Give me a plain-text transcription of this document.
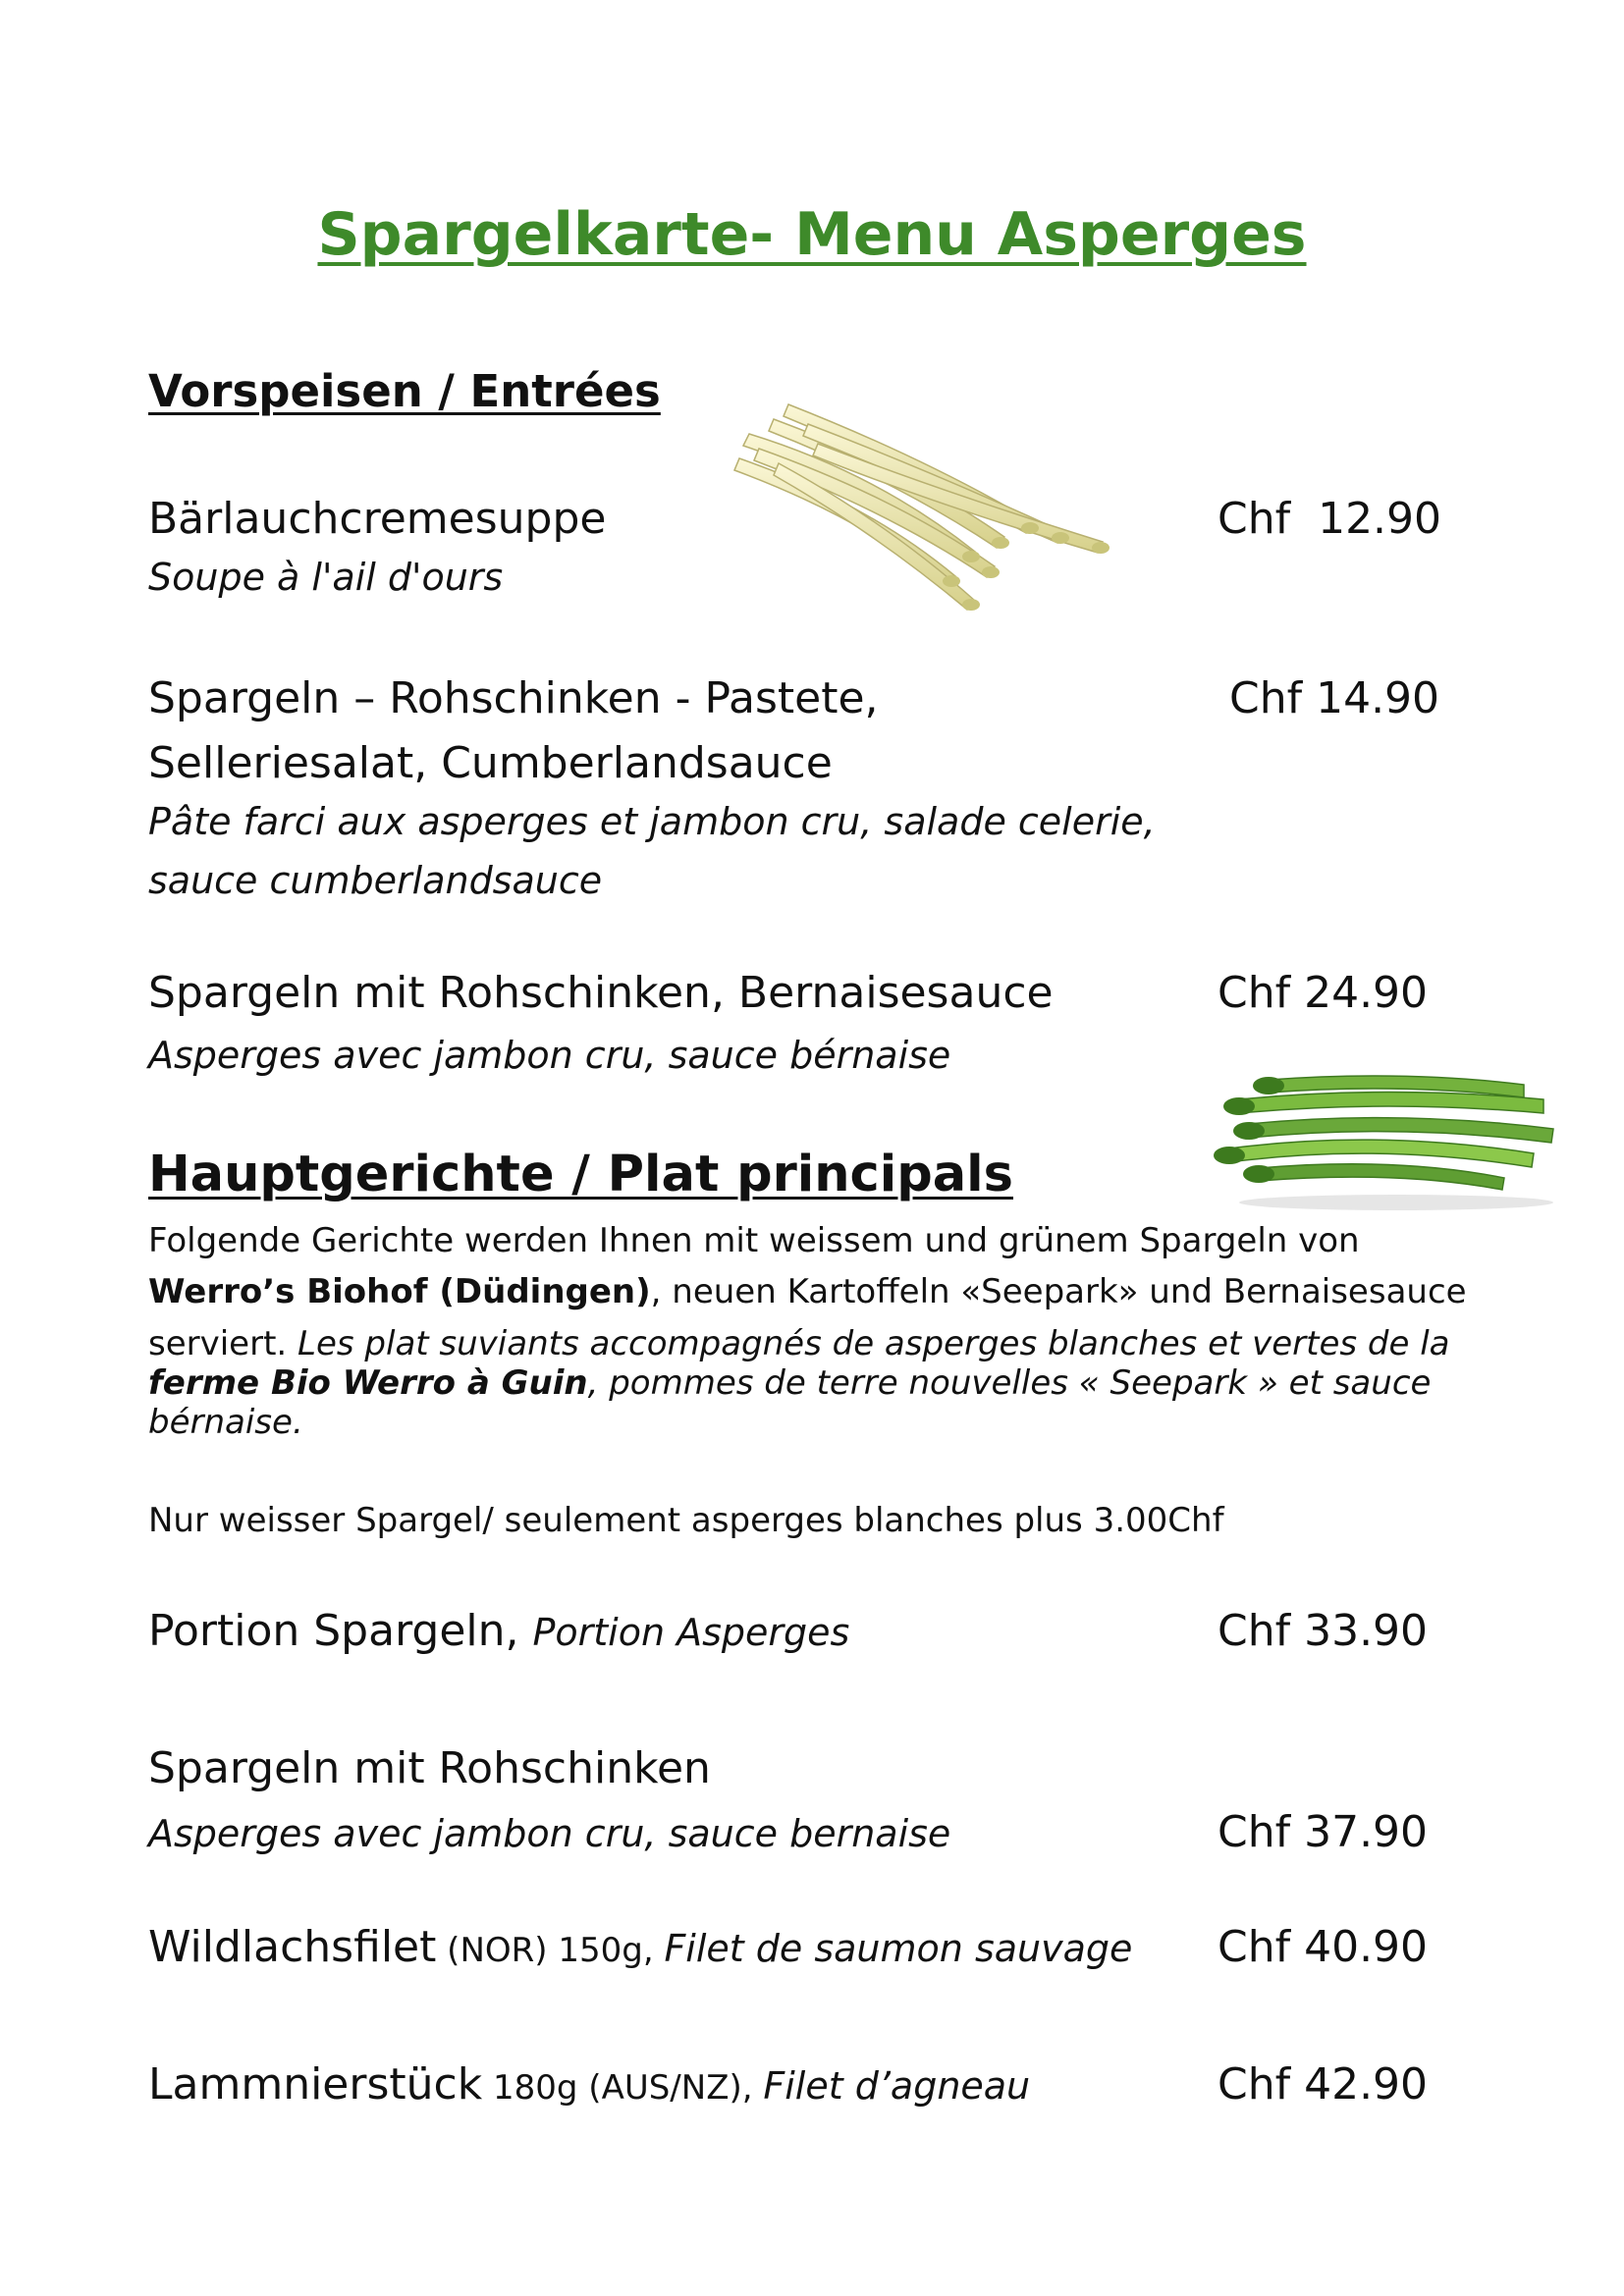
Spargelkarte- Menu Asperges
Vorspeisen / Entrées
Bärlauchcremesuppe
Soupe à l'ail d'ours
Chf  12.90
Spargeln – Rohschinken - Pastete,
Selleriesalat, Cumberlandsauce
Pâte farci aux asperges et jambon cru, salade celerie,
sauce cumberlandsauce
Chf 14.90
Spargeln mit Rohschinken, Bernaisesauce
Asperges avec jambon cru, sauce bérnaise
Chf 24.90
Hauptgerichte / Plat principals
Folgende Gerichte werden Ihnen mit weissem und grünem Spargeln von
Werro’s Biohof (Düdingen), neuen Kartoffeln «Seepark» und Bernaisesauce
serviert. Les plat suviants accompagnés de asperges blanches et vertes de la
ferme Bio Werro à Guin, pommes de terre nouvelles « Seepark » et sauce
bérnaise.
Nur weisser Spargel/ seulement asperges blanches plus 3.00Chf
Portion Spargeln, Portion Asperges	Chf 33.90
Spargeln mit Rohschinken
Asperges avec jambon cru, sauce bernaise	Chf 37.90
Wildlachsfilet (NOR) 150g, Filet de saumon sauvage Chf 40.90
Lammnierstück 180g (AUS/NZ), Filet d’agneau	Chf 42.90
